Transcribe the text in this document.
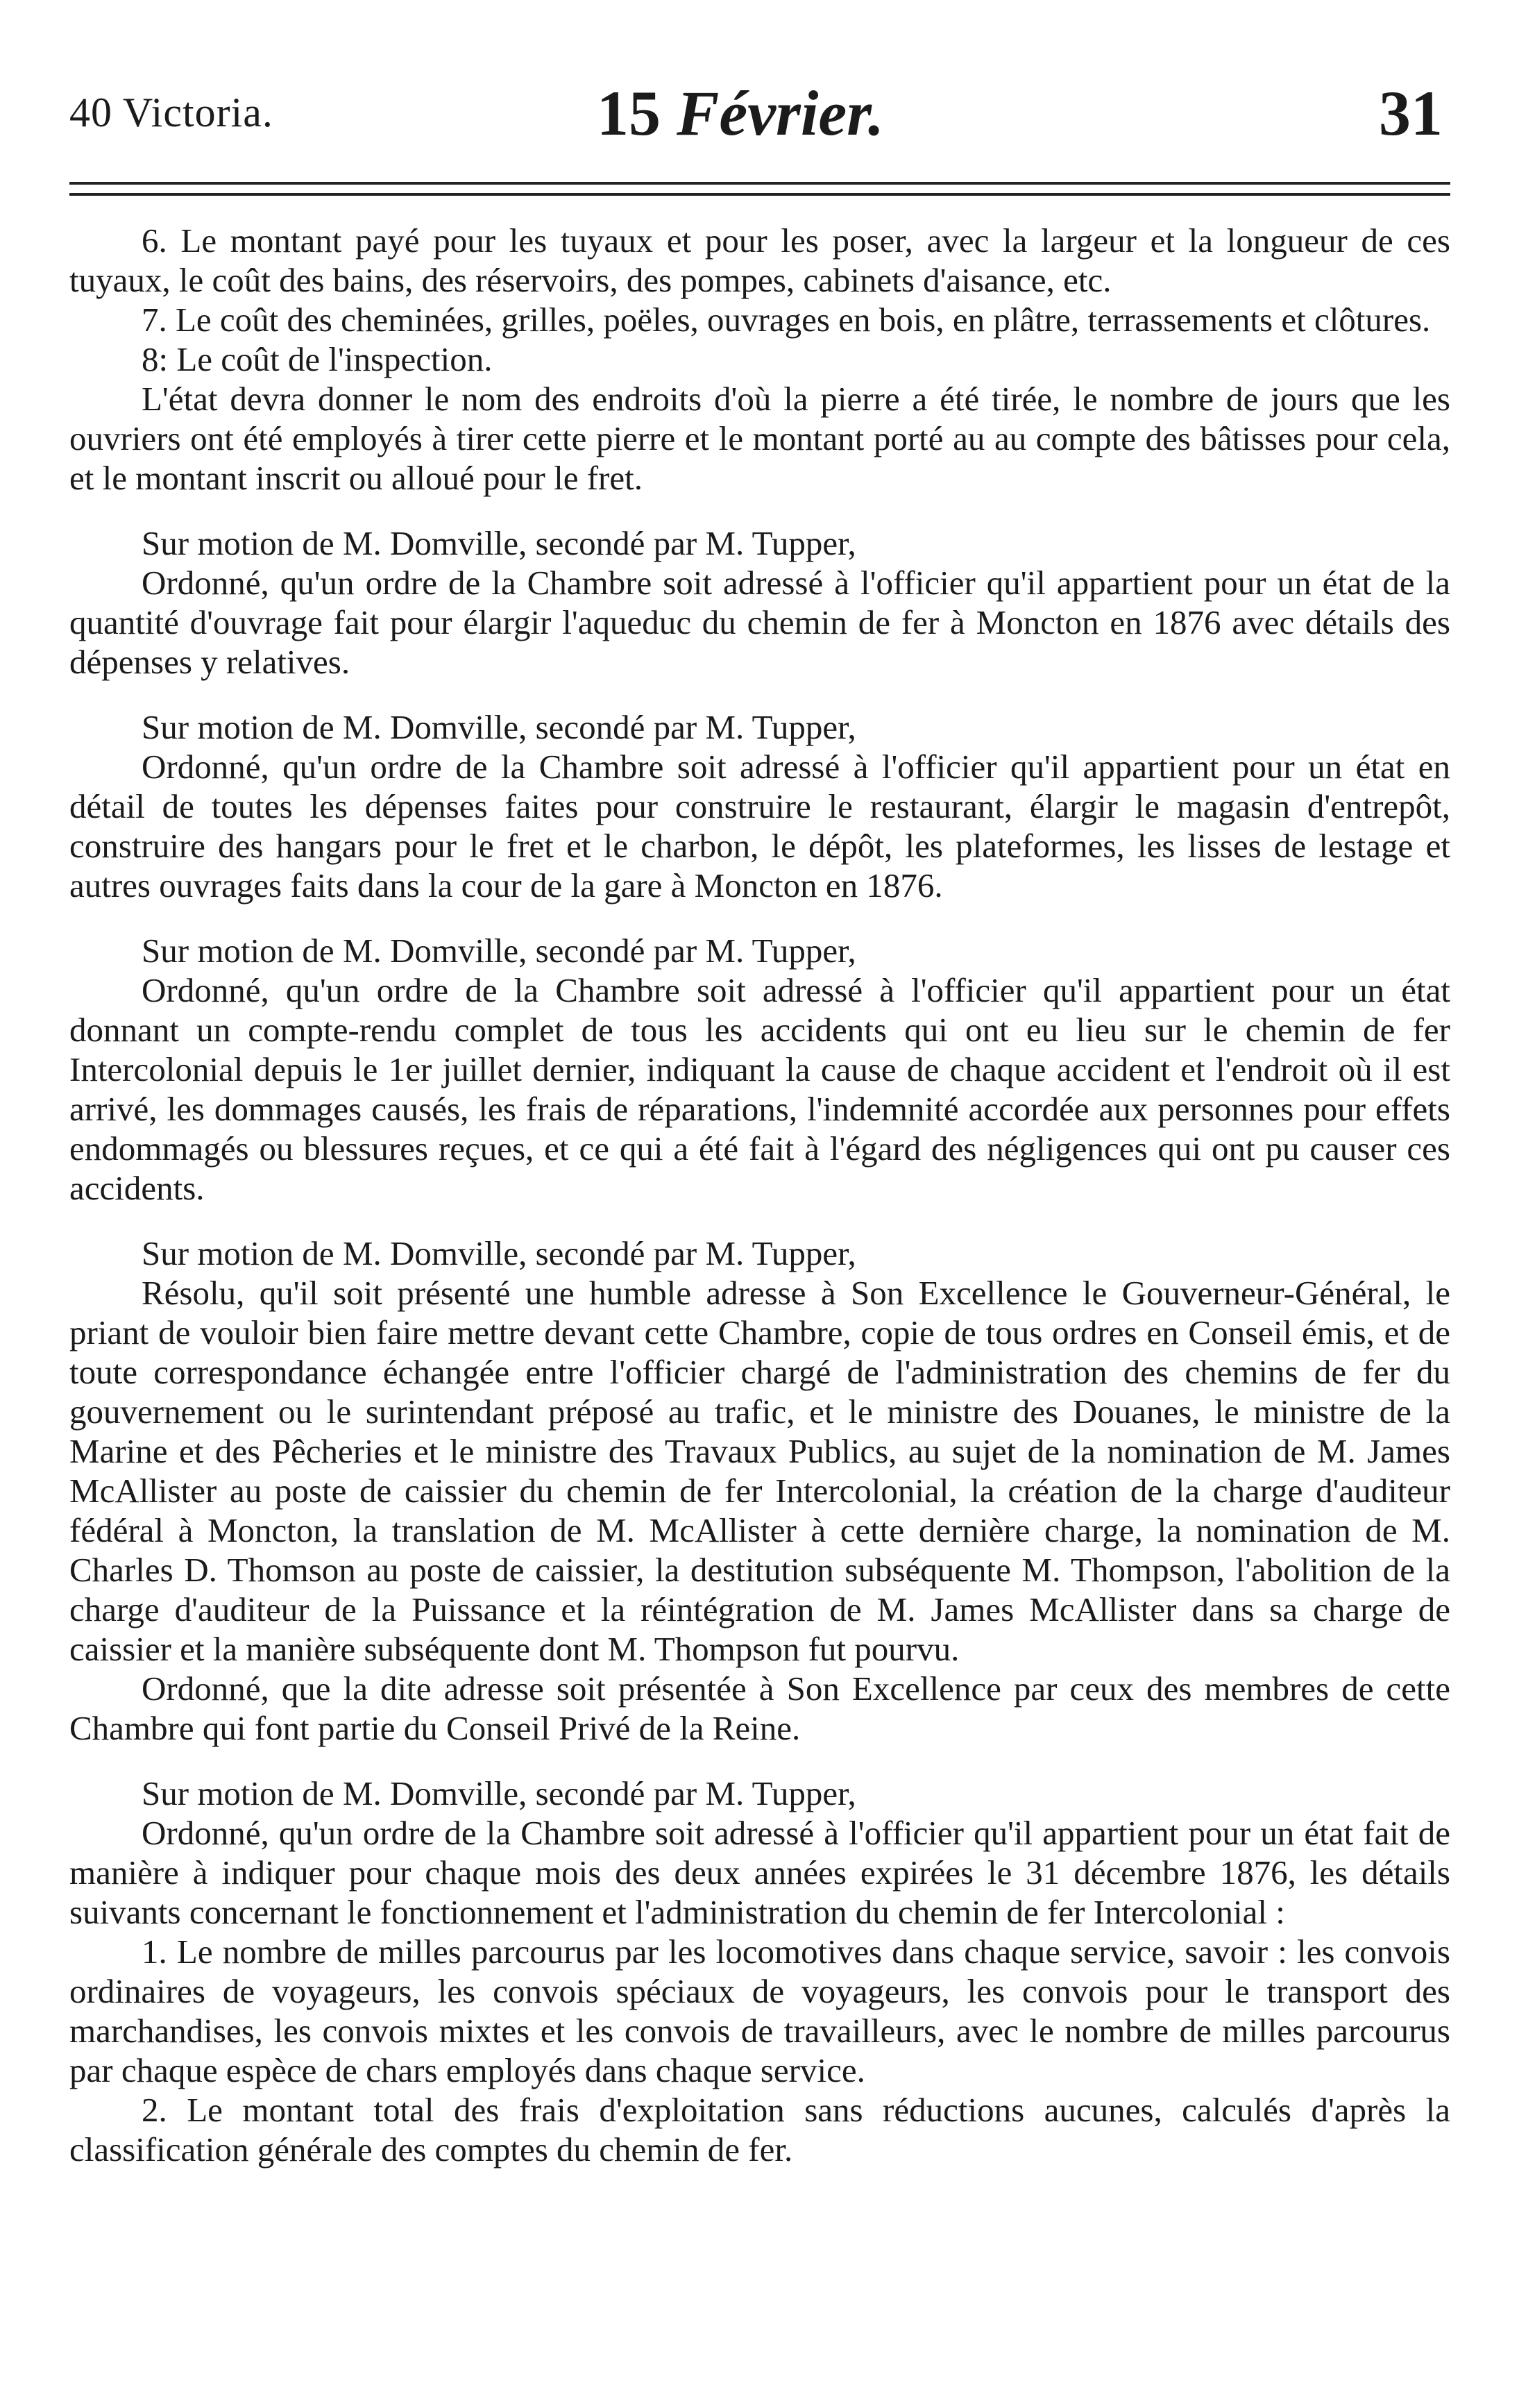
40 Victoria.	15 Février.	31

6. Le montant payé pour les tuyaux et pour les poser, avec la largeur et la longueur de ces tuyaux, le coût des bains, des réservoirs, des pompes, cabinets d'aisance, etc.

7. Le coût des cheminées, grilles, poëles, ouvrages en bois, en plâtre, terrassements et clôtures.

8: Le coût de l'inspection.

L'état devra donner le nom des endroits d'où la pierre a été tirée, le nombre de jours que les ouvriers ont été employés à tirer cette pierre et le montant porté au au compte des bâtisses pour cela, et le montant inscrit ou alloué pour le fret.

Sur motion de M. Domville, secondé par M. Tupper,

Ordonné, qu'un ordre de la Chambre soit adressé à l'officier qu'il appartient pour un état de la quantité d'ouvrage fait pour élargir l'aqueduc du chemin de fer à Moncton en 1876 avec détails des dépenses y relatives.

Sur motion de M. Domville, secondé par M. Tupper,

Ordonné, qu'un ordre de la Chambre soit adressé à l'officier qu'il appartient pour un état en détail de toutes les dépenses faites pour construire le restaurant, élargir le magasin d'entrepôt, construire des hangars pour le fret et le charbon, le dépôt, les plateformes, les lisses de lestage et autres ouvrages faits dans la cour de la gare à Moncton en 1876.

Sur motion de M. Domville, secondé par M. Tupper,

Ordonné, qu'un ordre de la Chambre soit adressé à l'officier qu'il appartient pour un état donnant un compte-rendu complet de tous les accidents qui ont eu lieu sur le chemin de fer Intercolonial depuis le 1er juillet dernier, indiquant la cause de chaque accident et l'endroit où il est arrivé, les dommages causés, les frais de réparations, l'indemnité accordée aux personnes pour effets endommagés ou blessures reçues, et ce qui a été fait à l'égard des négligences qui ont pu causer ces accidents.

Sur motion de M. Domville, secondé par M. Tupper,

Résolu, qu'il soit présenté une humble adresse à Son Excellence le Gouverneur-Général, le priant de vouloir bien faire mettre devant cette Chambre, copie de tous ordres en Conseil émis, et de toute correspondance échangée entre l'officier chargé de l'administration des chemins de fer du gouvernement ou le surintendant préposé au trafic, et le ministre des Douanes, le ministre de la Marine et des Pêcheries et le ministre des Travaux Publics, au sujet de la nomination de M. James McAllister au poste de caissier du chemin de fer Intercolonial, la création de la charge d'auditeur fédéral à Moncton, la translation de M. McAllister à cette dernière charge, la nomination de M. Charles D. Thomson au poste de caissier, la destitution subséquente M. Thompson, l'abolition de la charge d'auditeur de la Puissance et la réintégration de M. James McAllister dans sa charge de caissier et la manière subséquente dont M. Thompson fut pourvu.

Ordonné, que la dite adresse soit présentée à Son Excellence par ceux des membres de cette Chambre qui font partie du Conseil Privé de la Reine.

Sur motion de M. Domville, secondé par M. Tupper,

Ordonné, qu'un ordre de la Chambre soit adressé à l'officier qu'il appartient pour un état fait de manière à indiquer pour chaque mois des deux années expirées le 31 décembre 1876, les détails suivants concernant le fonctionnement et l'administration du chemin de fer Intercolonial :

1. Le nombre de milles parcourus par les locomotives dans chaque service, savoir : les convois ordinaires de voyageurs, les convois spéciaux de voyageurs, les convois pour le transport des marchandises, les convois mixtes et les convois de travailleurs, avec le nombre de milles parcourus par chaque espèce de chars employés dans chaque service.

2. Le montant total des frais d'exploitation sans réductions aucunes, calculés d'après la classification générale des comptes du chemin de fer.
